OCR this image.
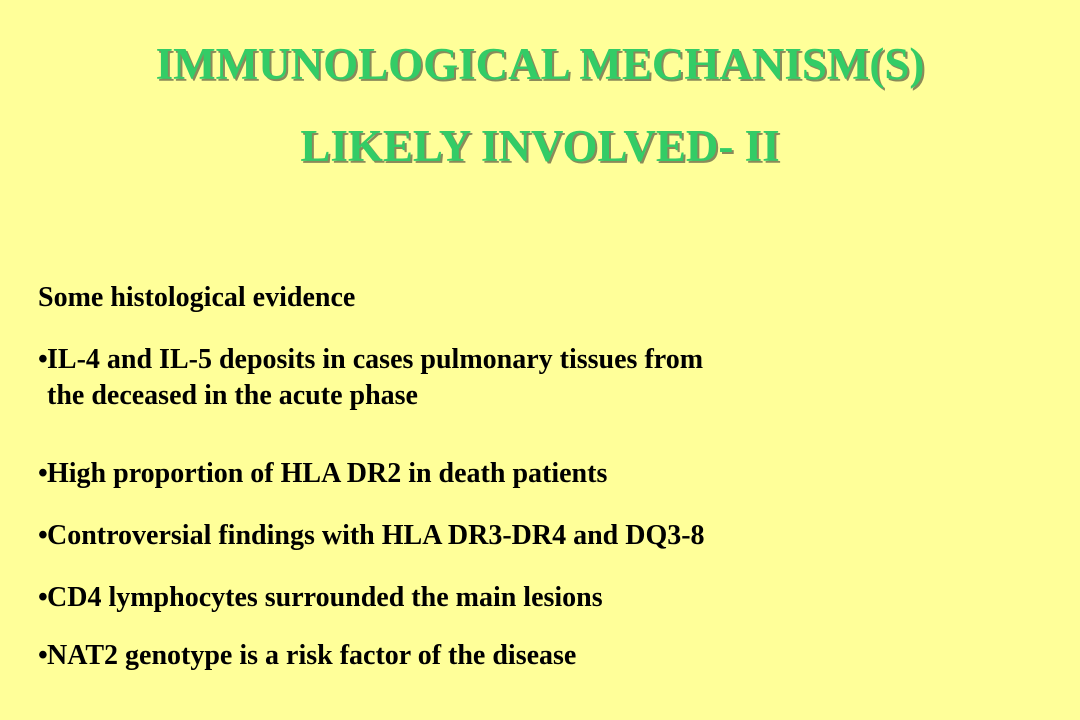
IMMUNOLOGICAL MECHANISM(S)
LIKELY INVOLVED- II
Some histological evidence
• IL-4 and IL-5 deposits in cases pulmonary tissues from
the deceased in the acute phase
• High proportion of HLA DR2 in death patients
• Controversial findings with HLA DR3-DR4 and DQ3-8
• CD4 lymphocytes surrounded the main lesions
• NAT2 genotype is a risk factor of the disease
